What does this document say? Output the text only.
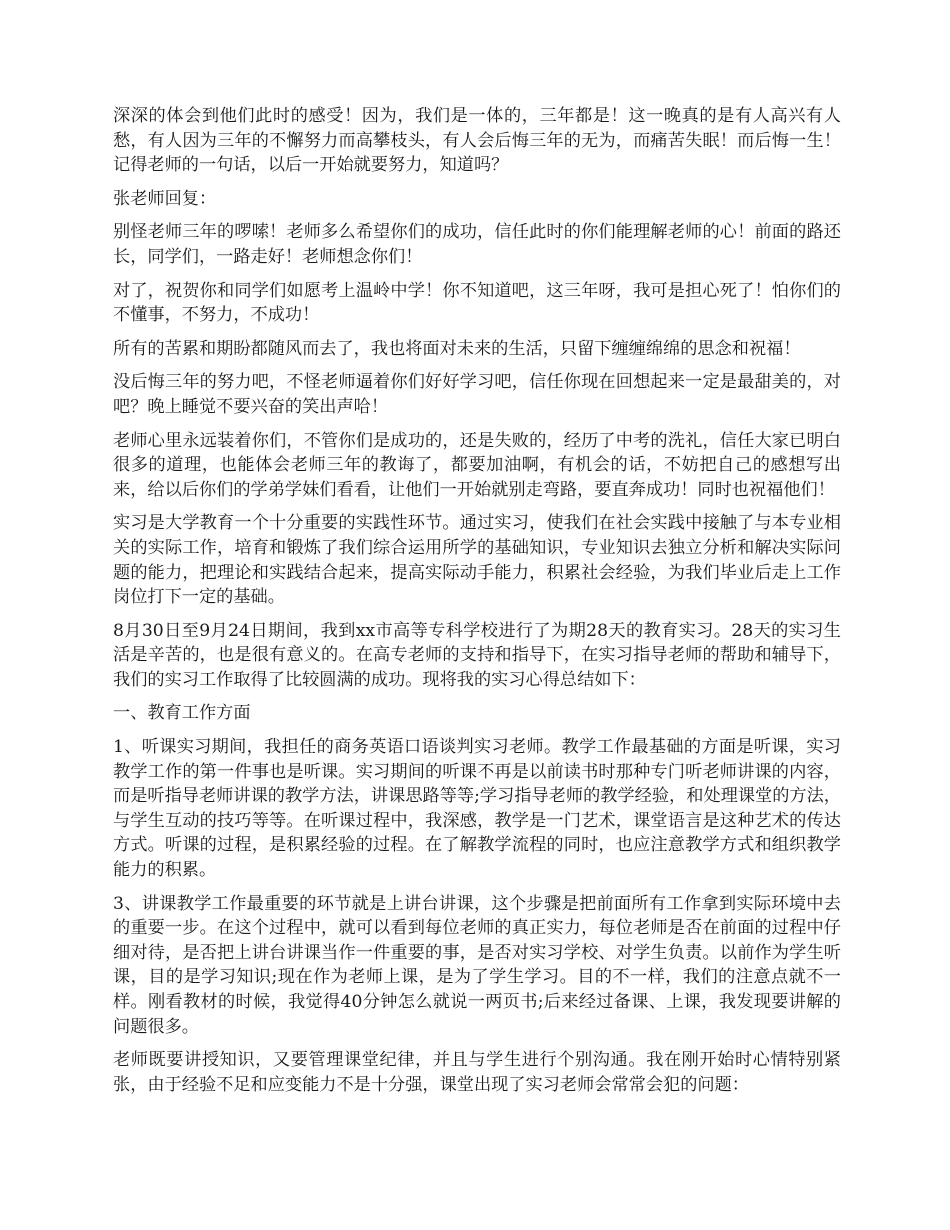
深深的体会到他们此时的感受！因为，我们是一体的，三年都是！这一晚真的是有人高兴有人愁，有人因为三年的不懈努力而高攀枝头，有人会后悔三年的无为，而痛苦失眠！而后悔一生！记得老师的一句话，以后一开始就要努力，知道吗？

张老师回复：

别怪老师三年的啰嗦！老师多么希望你们的成功，信任此时的你们能理解老师的心！前面的路还长，同学们，一路走好！老师想念你们！

对了，祝贺你和同学们如愿考上温岭中学！你不知道吧，这三年呀，我可是担心死了！怕你们的不懂事，不努力，不成功！

所有的苦累和期盼都随风而去了，我也将面对未来的生活，只留下缠缠绵绵的思念和祝福！

没后悔三年的努力吧，不怪老师逼着你们好好学习吧，信任你现在回想起来一定是最甜美的，对吧？晚上睡觉不要兴奋的笑出声哈！

老师心里永远装着你们，不管你们是成功的，还是失败的，经历了中考的洗礼，信任大家已明白很多的道理，也能体会老师三年的教诲了，都要加油啊，有机会的话，不妨把自己的感想写出来，给以后你们的学弟学妹们看看，让他们一开始就别走弯路，要直奔成功！同时也祝福他们！

实习是大学教育一个十分重要的实践性环节。通过实习，使我们在社会实践中接触了与本专业相关的实际工作，培育和锻炼了我们综合运用所学的基础知识，专业知识去独立分析和解决实际问题的能力，把理论和实践结合起来，提高实际动手能力，积累社会经验，为我们毕业后走上工作岗位打下一定的基础。

8月30日至9月24日期间，我到xx市高等专科学校进行了为期28天的教育实习。28天的实习生活是辛苦的，也是很有意义的。在高专老师的支持和指导下，在实习指导老师的帮助和辅导下，我们的实习工作取得了比较圆满的成功。现将我的实习心得总结如下：

一、教育工作方面

1、听课实习期间，我担任的商务英语口语谈判实习老师。教学工作最基础的方面是听课，实习教学工作的第一件事也是听课。实习期间的听课不再是以前读书时那种专门听老师讲课的内容，而是听指导老师讲课的教学方法，讲课思路等等;学习指导老师的教学经验，和处理课堂的方法，与学生互动的技巧等等。在听课过程中，我深感，教学是一门艺术，课堂语言是这种艺术的传达方式。听课的过程，是积累经验的过程。在了解教学流程的同时，也应注意教学方式和组织教学能力的积累。

3、讲课教学工作最重要的环节就是上讲台讲课，这个步骤是把前面所有工作拿到实际环境中去的重要一步。在这个过程中，就可以看到每位老师的真正实力，每位老师是否在前面的过程中仔细对待，是否把上讲台讲课当作一件重要的事，是否对实习学校、对学生负责。以前作为学生听课，目的是学习知识;现在作为老师上课，是为了学生学习。目的不一样，我们的注意点就不一样。刚看教材的时候，我觉得40分钟怎么就说一两页书;后来经过备课、上课，我发现要讲解的问题很多。

老师既要讲授知识，又要管理课堂纪律，并且与学生进行个别沟通。我在刚开始时心情特别紧张，由于经验不足和应变能力不是十分强，课堂出现了实习老师会常常会犯的问题：
